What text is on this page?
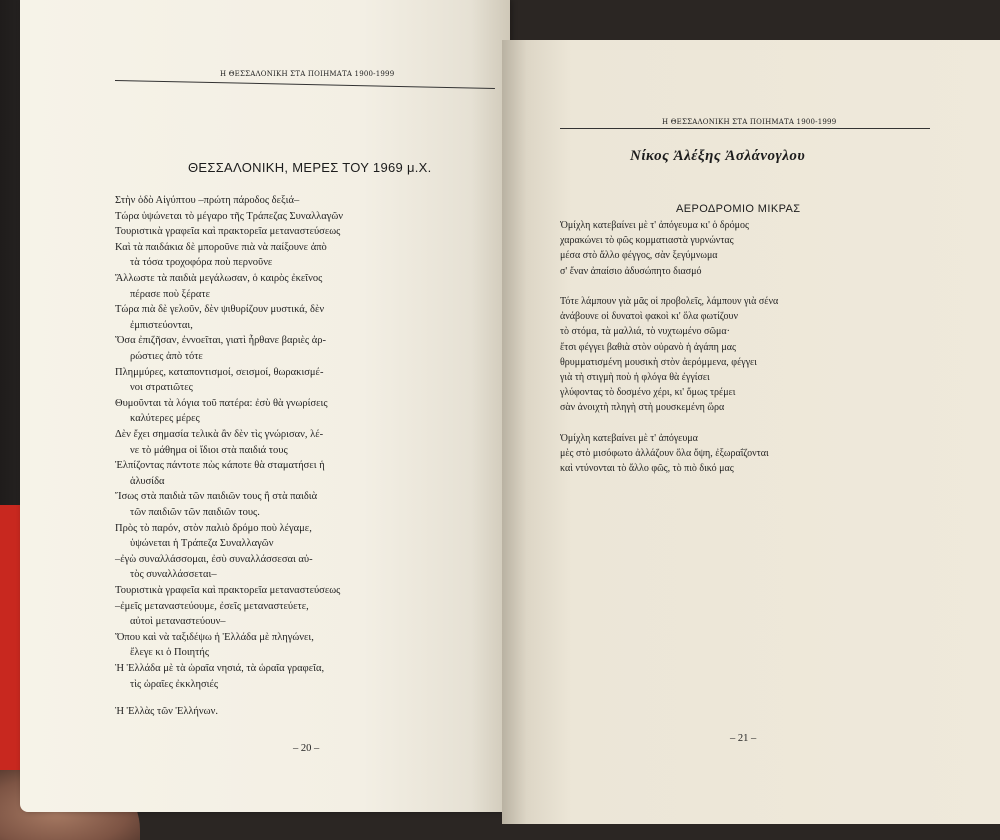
Η ΘΕΣΣΑΛΟΝΙΚΗ ΣΤΑ ΠΟΙΗΜΑΤΑ 1900-1999
ΘΕΣΣΑΛΟΝΙΚΗ, ΜΕΡΕΣ ΤΟΥ 1969 μ.Χ.
Στὴν ὁδὸ Αἰγύπτου –πρώτη πάροδος δεξιά–
Τώρα ὑψώνεται τὸ μέγαρο τῆς Τράπεζας Συναλλαγῶν
Τουριστικὰ γραφεῖα καὶ πρακτορεῖα μεταναστεύσεως
Καὶ τὰ παιδάκια δὲ μποροῦνε πιὰ νὰ παίξουνε ἀπὸ
τὰ τόσα τροχοφόρα ποὺ περνοῦνε
Ἄλλωστε τὰ παιδιὰ μεγάλωσαν, ὁ καιρὸς ἐκεῖνος
πέρασε ποὺ ξέρατε
Τώρα πιὰ δὲ γελοῦν, δὲν ψιθυρίζουν μυστικά, δὲν
ἐμπιστεύονται,
Ὅσα ἐπιζῆσαν, ἐννοεῖται, γιατὶ ἦρθανε βαριὲς ἀρ-
ρώστιες ἀπὸ τότε
Πλημμύρες, καταποντισμοί, σεισμοί, θωρακισμέ-
νοι στρατιῶτες
Θυμοῦνται τὰ λόγια τοῦ πατέρα: ἐσὺ θὰ γνωρίσεις
καλύτερες μέρες
Δὲν ἔχει σημασία τελικὰ ἂν δὲν τὶς γνώρισαν, λέ-
νε τὸ μάθημα οἱ ἴδιοι στὰ παιδιά τους
Ἐλπίζοντας πάντοτε πὼς κάποτε θὰ σταματήσει ἡ
ἁλυσίδα
Ἴσως στὰ παιδιὰ τῶν παιδιῶν τους ἢ στὰ παιδιὰ
τῶν παιδιῶν τῶν παιδιῶν τους.
Πρὸς τὸ παρόν, στὸν παλιὸ δρόμο ποὺ λέγαμε,
ὑψώνεται ἡ Τράπεζα Συναλλαγῶν
–ἐγὼ συναλλάσσομαι, ἐσὺ συναλλάσσεσαι αὐ-
τὸς συναλλάσσεται–
Τουριστικὰ γραφεῖα καὶ πρακτορεῖα μεταναστεύσεως
–ἐμεῖς μεταναστεύουμε, ἐσεῖς μεταναστεύετε,
αὐτοὶ μεταναστεύουν–
Ὅπου καὶ νὰ ταξιδέψω ἡ Ἑλλάδα μὲ πληγώνει,
ἔλεγε κι ὁ Ποιητής
Ἡ Ἑλλάδα μὲ τὰ ὡραῖα νησιά, τὰ ὡραῖα γραφεῖα,
τὶς ὡραῖες ἐκκλησιές
Ἡ Ἑλλὰς τῶν Ἑλλήνων.
– 20 –
Η ΘΕΣΣΑΛΟΝΙΚΗ ΣΤΑ ΠΟΙΗΜΑΤΑ 1900-1999
Νίκος Ἀλέξης Ἀσλάνογλου
ΑΕΡΟΔΡΟΜΙΟ ΜΙΚΡΑΣ
Ὁμίχλη κατεβαίνει μὲ τ' ἀπόγευμα κι' ὁ δρόμος
χαρακώνει τὸ φῶς κομματιαστὰ γυρνώντας
μέσα στὸ ἄλλο φέγγος, σὰν ξεγύμνωμα
σ' ἕναν ἀπαίσιο ἀδυσώπητο διασμό
Τότε λάμπουν γιὰ μᾶς οἱ προβολεῖς, λάμπουν γιὰ σένα
ἀνάβουνε οἱ δυνατοὶ φακοὶ κι' ὅλα φωτίζουν
τὸ στόμα, τὰ μαλλιά, τὸ νυχτωμένο σῶμα·
ἔτσι φέγγει βαθιὰ στὸν οὐρανὸ ἡ ἀγάπη μας
θρυμματισμένη μουσικὴ στὸν ἀερόμμενα, φέγγει
γιὰ τὴ στιγμὴ ποὺ ἡ φλόγα θὰ ἐγγίσει
γλύφοντας τὸ δοσμένο χέρι, κι' ὅμως τρέμει
σὰν ἀνοιχτὴ πληγὴ στὴ μουσκεμένη ὥρα
Ὁμίχλη κατεβαίνει μὲ τ' ἀπόγευμα
μὲς στὸ μισόφωτο ἀλλάζουν ὅλα ὄψη, ἐξωραΐζονται
καὶ ντύνονται τὸ ἄλλο φῶς, τὸ πιὸ δικό μας
– 21 –
